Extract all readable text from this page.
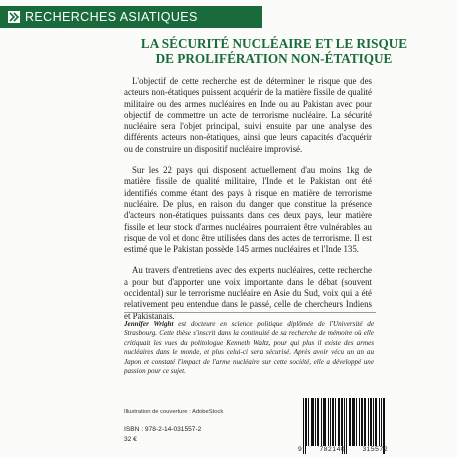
RECHERCHES ASIATIQUES
LA SÉCURITÉ NUCLÉAIRE ET LE RISQUE
DE PROLIFÉRATION NON-ÉTATIQUE

L'objectif de cette recherche est de déterminer le risque que des acteurs non-étatiques puissent acquérir de la matière fissile de qualité militaire ou des armes nucléaires en Inde ou au Pakistan avec pour objectif de commettre un acte de terrorisme nucléaire. La sécurité nucléaire sera l'objet principal, suivi ensuite par une analyse des différents acteurs non-étatiques, ainsi que leurs capacités d'acquérir ou de construire un dispositif nucléaire improvisé.

Sur les 22 pays qui disposent actuellement d'au moins 1kg de matière fissile de qualité militaire, l'Inde et le Pakistan ont été identifiés comme étant des pays à risque en matière de terrorisme nucléaire. De plus, en raison du danger que constitue la présence d'acteurs non-étatiques puissants dans ces deux pays, leur matière fissile et leur stock d'armes nucléaires pourraient être vulnérables au risque de vol et donc être utilisées dans des actes de terrorisme. Il est estimé que le Pakistan possède 145 armes nucléaires et l'Inde 135.

Au travers d'entretiens avec des experts nucléaires, cette recherche a pour but d'apporter une voix importante dans le débat (souvent occidental) sur le terrorisme nucléaire en Asie du Sud, voix qui a été relativement peu entendue dans le passé, celle de chercheurs Indiens et Pakistanais.

Jennifer Wright est docteure en science politique diplômée de l'Université de Strasbourg. Cette thèse s'inscrit dans la continuité de sa recherche de mémoire où elle critiquait les vues du politologue Kenneth Waltz, pour qui plus il existe des armes nucléaires dans le monde, et plus celui-ci sera sécurisé. Après avoir vécu un an au Japon et constaté l'impact de l'arme nucléaire sur cette société, elle a développé une passion pour ce sujet.

Illustration de couverture : AdobeStock
ISBN : 978-2-14-031557-2
32 €
9	782140	315572
